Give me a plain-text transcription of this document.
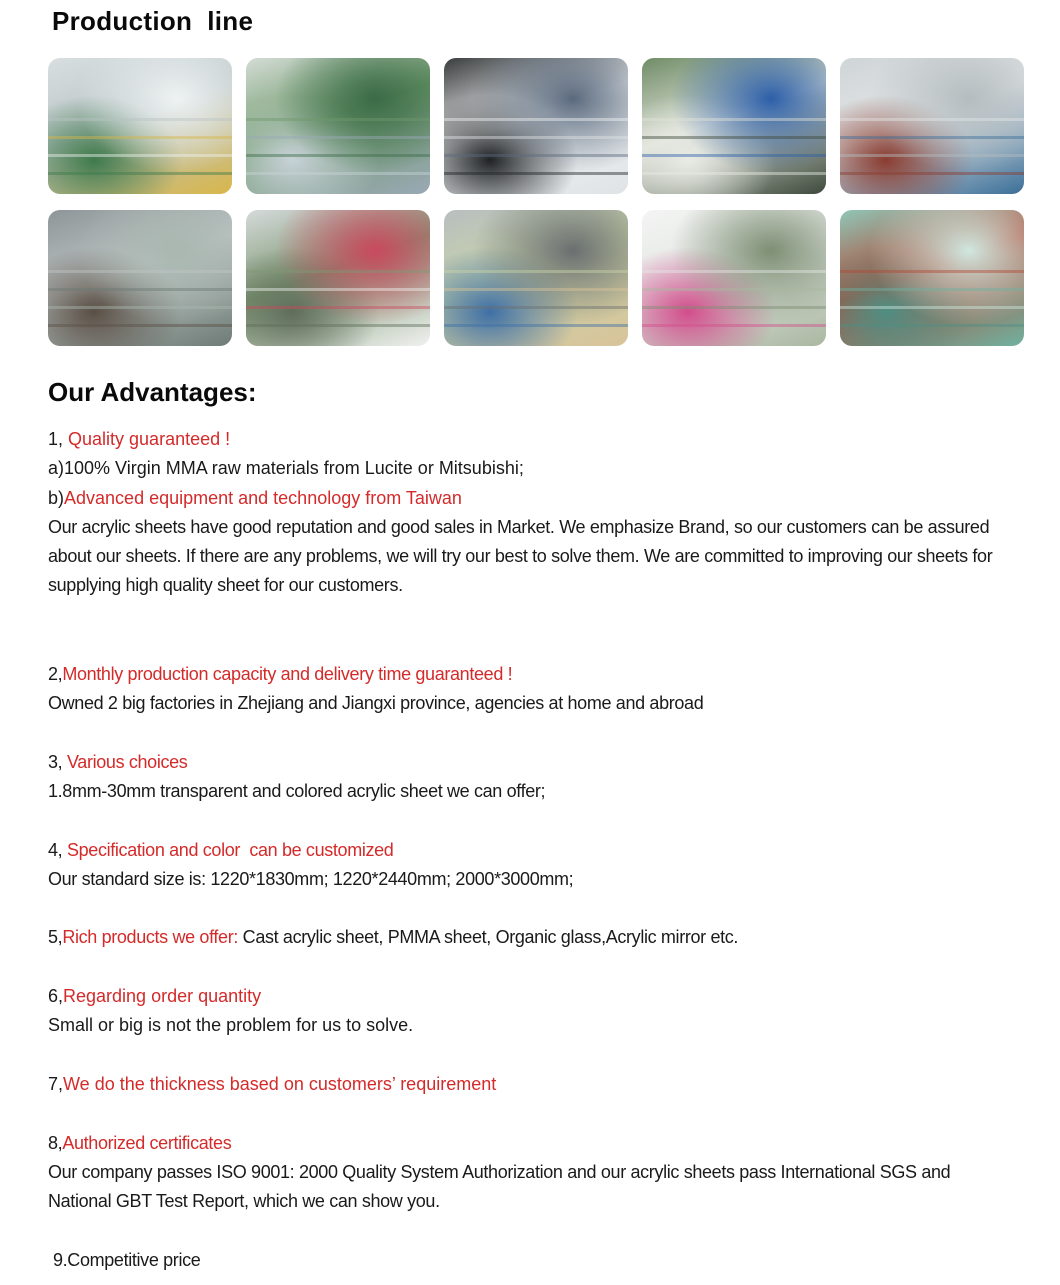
Production  line
Our Advantages:

1, Quality guaranteed !

a)100% Virgin MMA raw materials from Lucite or Mitsubishi;

b)Advanced equipment and technology from Taiwan

Our acrylic sheets have good reputation and good sales in Market. We emphasize Brand, so our customers can be assured about our sheets. If there are any problems, we will try our best to solve them. We are committed to improving our sheets for supplying high quality sheet for our customers.

2,Monthly production capacity and delivery time guaranteed !

Owned 2 big factories in Zhejiang and Jiangxi province, agencies at home and abroad

3, Various choices

1.8mm-30mm transparent and colored acrylic sheet we can offer;

4, Specification and color  can be customized

Our standard size is: 1220*1830mm; 1220*2440mm; 2000*3000mm;

5,Rich products we offer: Cast acrylic sheet, PMMA sheet, Organic glass,Acrylic mirror etc.

6,Regarding order quantity

Small or big is not the problem for us to solve.

7,We do the thickness based on customers’ requirement

8,Authorized certificates

Our company passes ISO 9001: 2000 Quality System Authorization and our acrylic sheets pass International SGS and National GBT Test Report, which we can show you.

9.Competitive price
